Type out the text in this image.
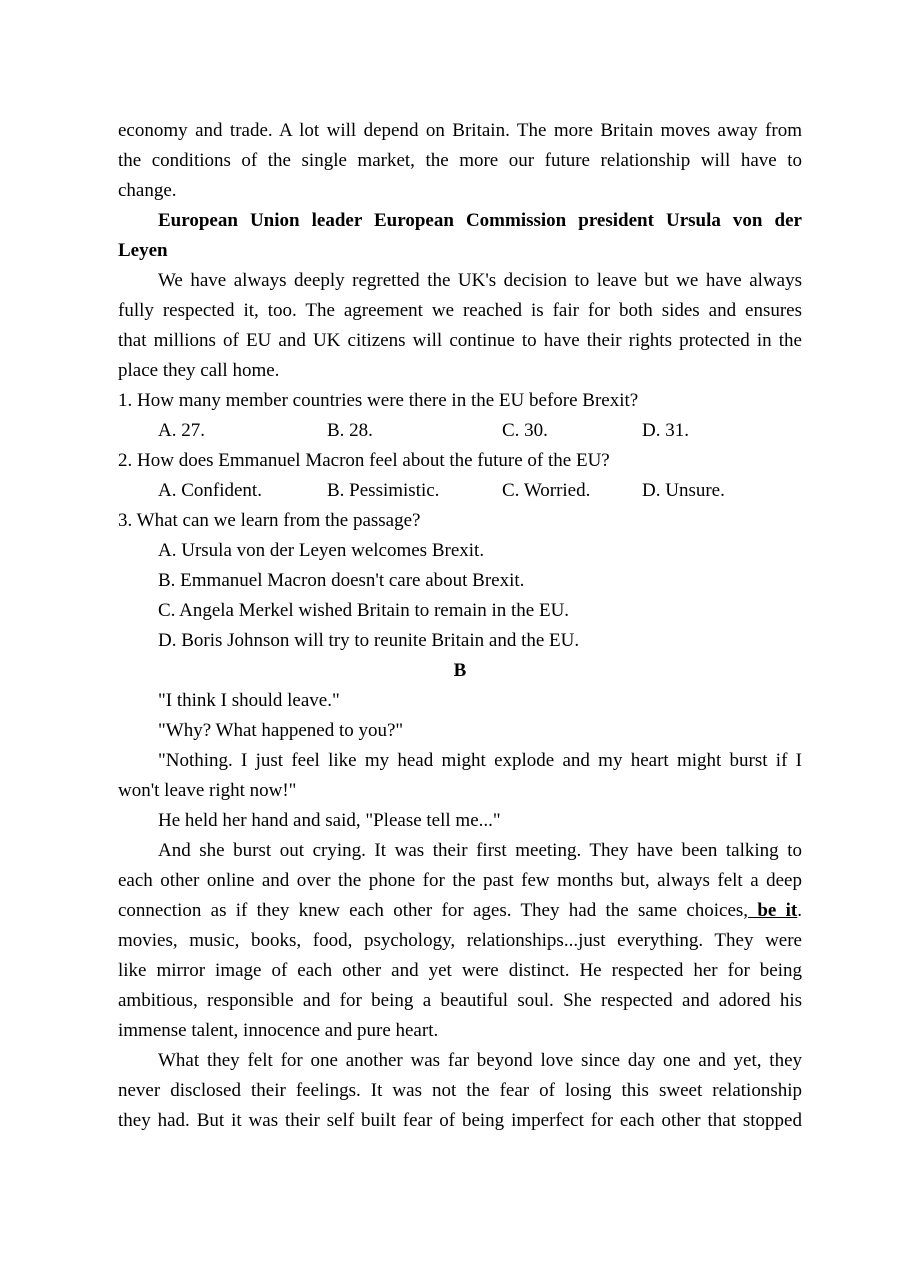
economy and trade. A lot will depend on Britain. The more Britain moves away from
the conditions of the single market, the more our future relationship will have to
change.
European Union leader European Commission president Ursula von der
Leyen
We have always deeply regretted the UK's decision to leave but we have always
fully respected it, too. The agreement we reached is fair for both sides and ensures
that millions of EU and UK citizens will continue to have their rights protected in the
place they call home.
1. How many member countries were there in the EU before Brexit?
A. 27.	B. 28.	C. 30.	D. 31.
2. How does Emmanuel Macron feel about the future of the EU?
A. Confident.	B. Pessimistic.	C. Worried.	D. Unsure.
3. What can we learn from the passage?
A. Ursula von der Leyen welcomes Brexit.
B. Emmanuel Macron doesn't care about Brexit.
C. Angela Merkel wished Britain to remain in the EU.
D. Boris Johnson will try to reunite Britain and the EU.
B
"I think I should leave."
"Why? What happened to you?"
"Nothing. I just feel like my head might explode and my heart might burst if I
won't leave right now!"
He held her hand and said, "Please tell me..."
And she burst out crying. It was their first meeting. They have been talking to
each other online and over the phone for the past few months but, always felt a deep
connection as if they knew each other for ages. They had the same choices, be it.
movies, music, books, food, psychology, relationships...just everything. They were
like mirror image of each other and yet were distinct. He respected her for being
ambitious, responsible and for being a beautiful soul. She respected and adored his
immense talent, innocence and pure heart.
What they felt for one another was far beyond love since day one and yet, they
never disclosed their feelings. It was not the fear of losing this sweet relationship
they had. But it was their self built fear of being imperfect for each other that stopped
